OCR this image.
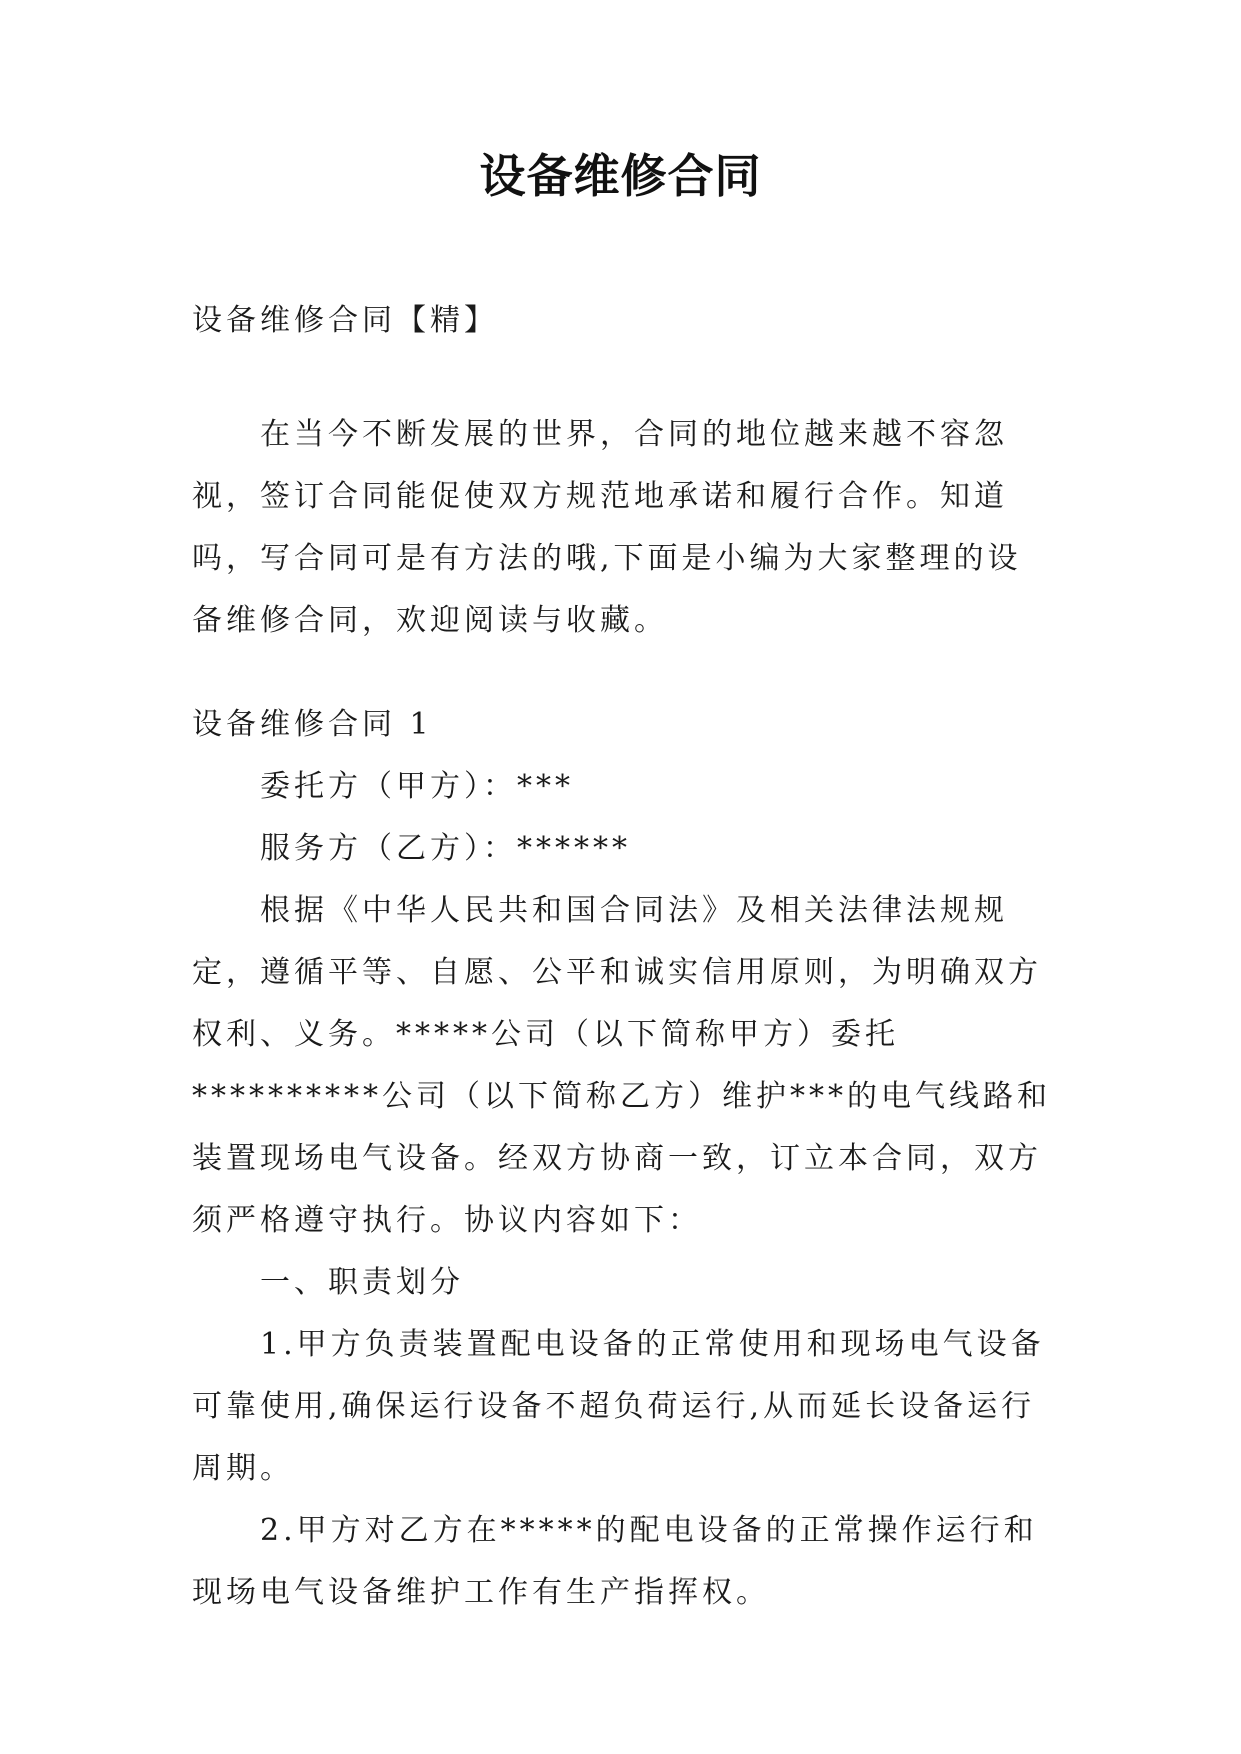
设备维修合同

设备维修合同【精】

在当今不断发展的世界，合同的地位越来越不容忽视，签订合同能促使双方规范地承诺和履行合作。知道吗，写合同可是有方法的哦,下面是小编为大家整理的设备维修合同，欢迎阅读与收藏。

设备维修合同 1

委托方（甲方）：***

服务方（乙方）：******

根据《中华人民共和国合同法》及相关法律法规规定，遵循平等、自愿、公平和诚实信用原则，为明确双方权利、义务。*****公司（以下简称甲方）委托**********公司（以下简称乙方）维护***的电气线路和装置现场电气设备。经双方协商一致，订立本合同，双方须严格遵守执行。协议内容如下：

一、职责划分

1.甲方负责装置配电设备的正常使用和现场电气设备可靠使用,确保运行设备不超负荷运行,从而延长设备运行周期。

2.甲方对乙方在*****的配电设备的正常操作运行和现场电气设备维护工作有生产指挥权。
